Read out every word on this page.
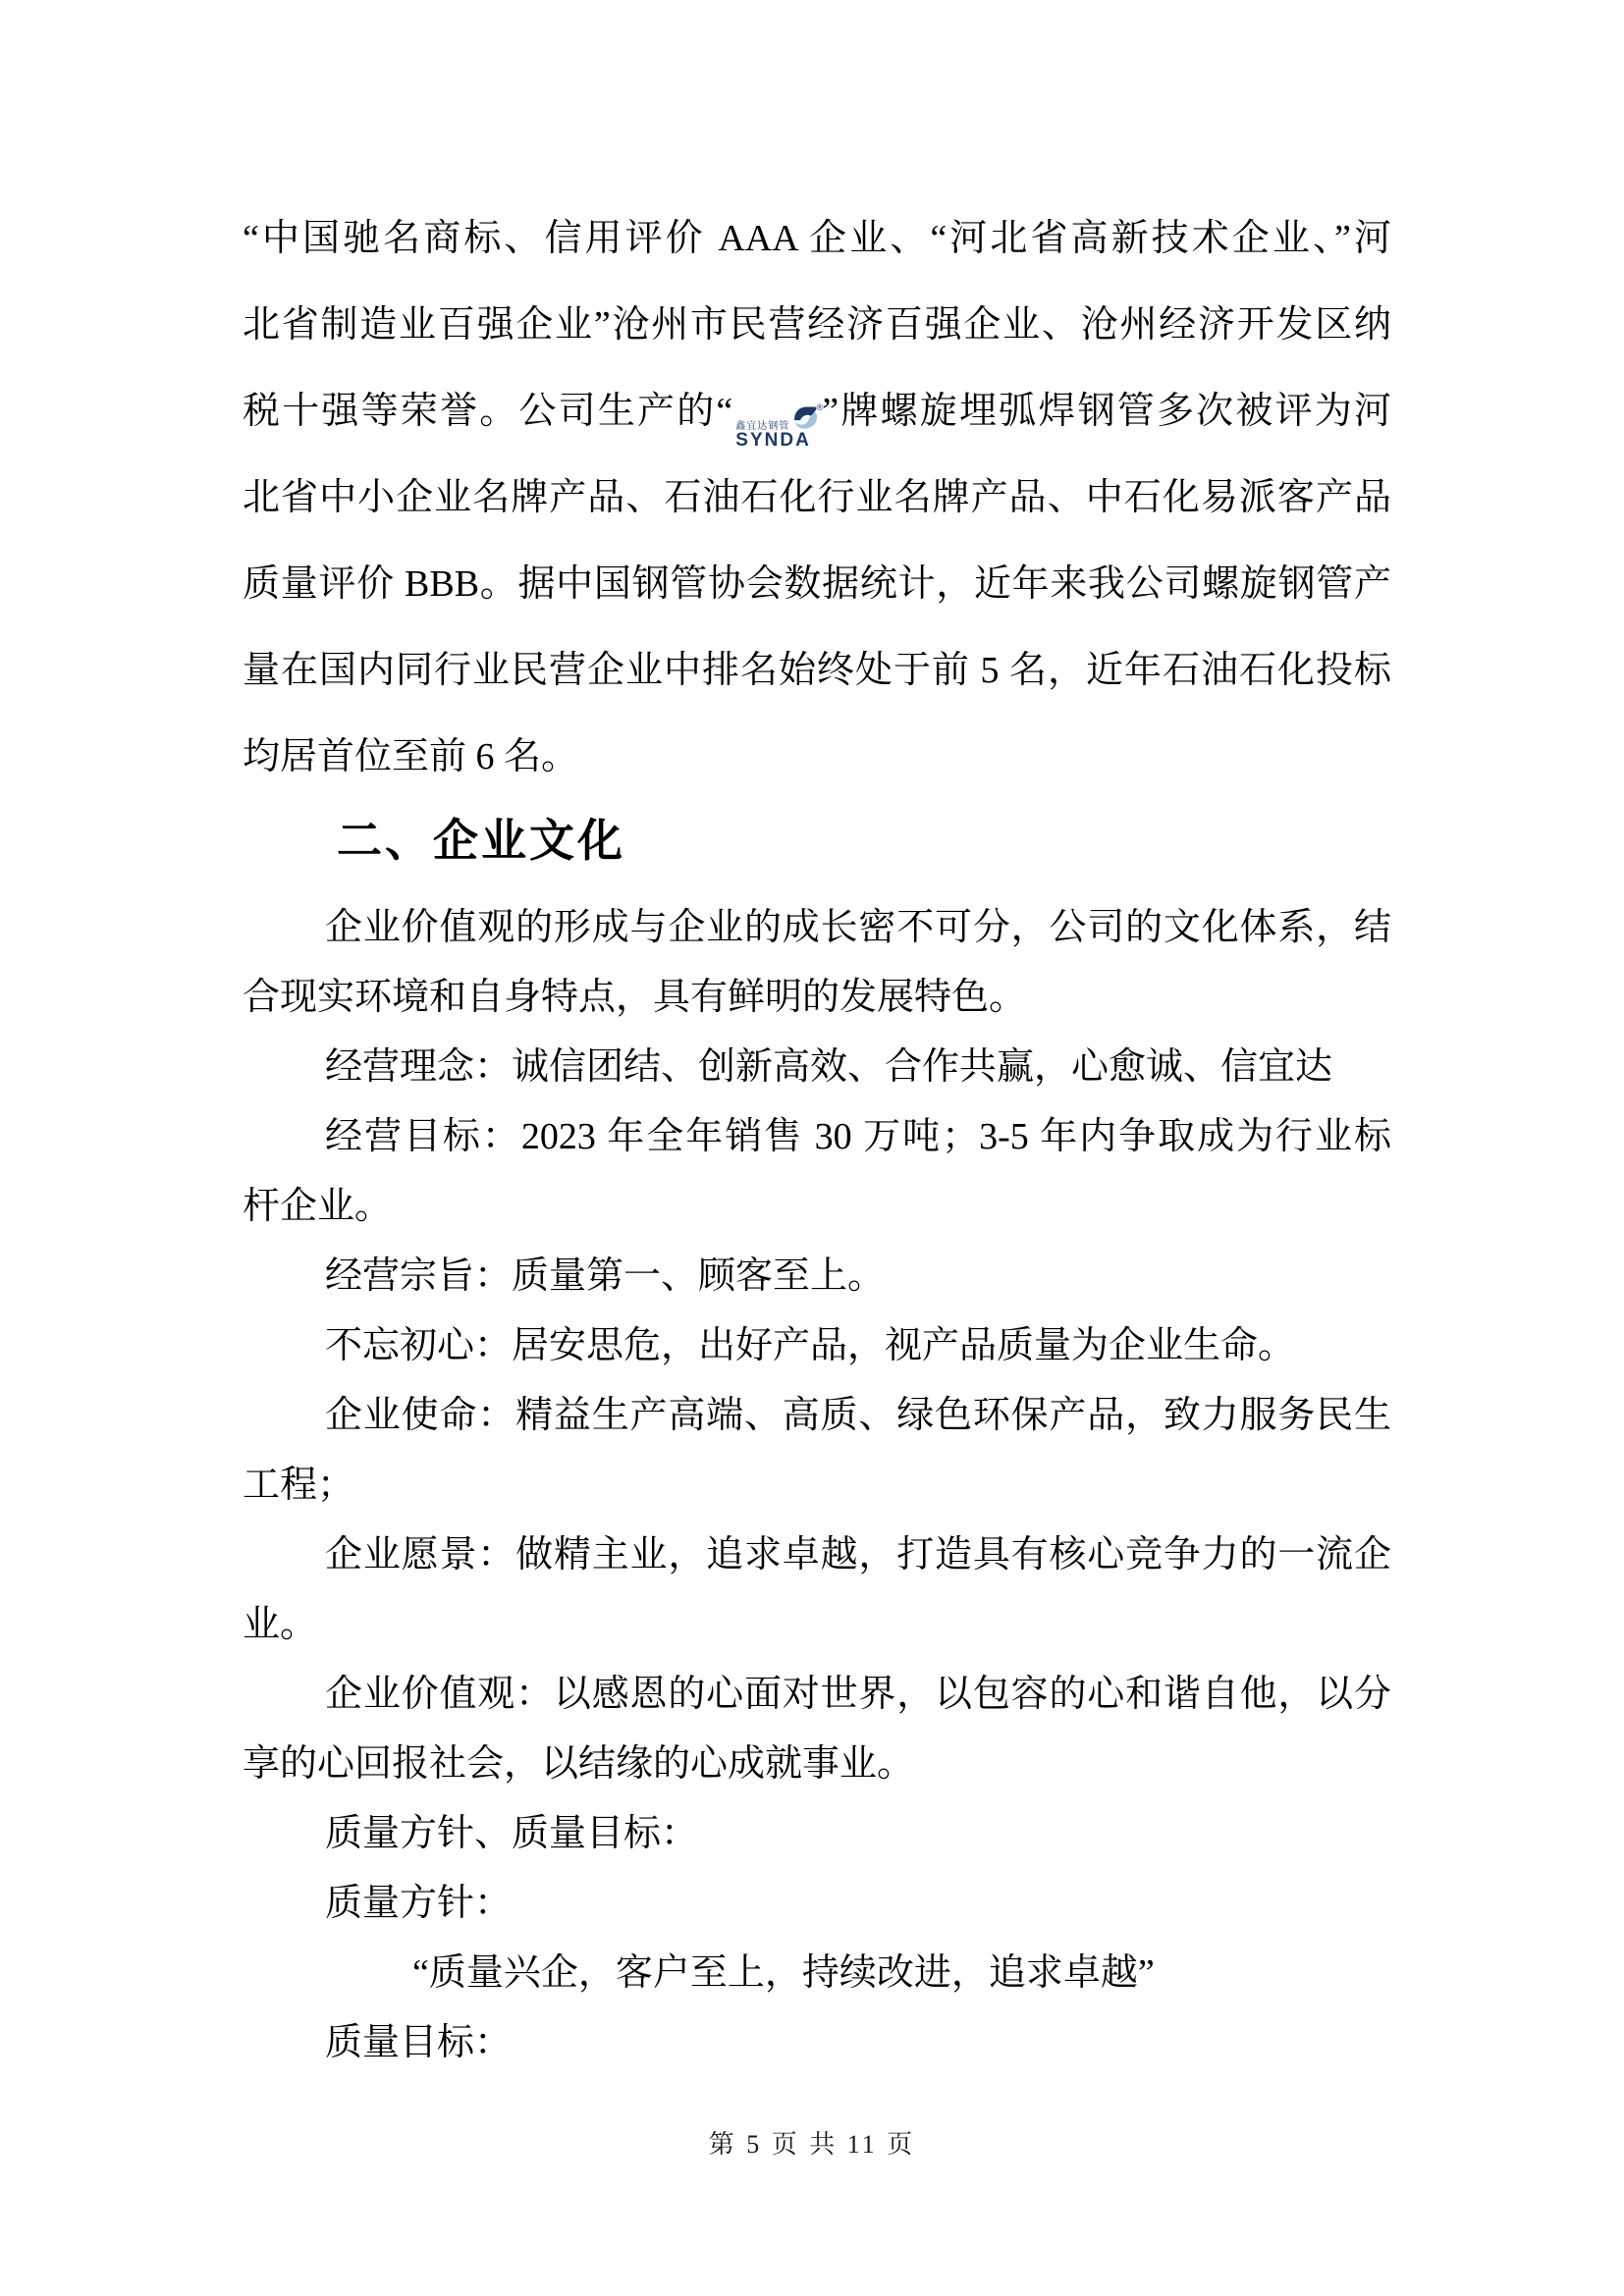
“中国驰名商标、信用评价 AAA 企业、“河北省高新技术企业、”河
北省制造业百强企业”沧州市民营经济百强企业、沧州经济开发区纳
税十强等荣誉。公司生产的“ 鑫宜达钢管
SYNDA
® ”牌螺旋埋弧焊钢管多次被评为河
北省中小企业名牌产品、石油石化行业名牌产品、中石化易派客产品
质量评价 BBB。据中国钢管协会数据统计，近年来我公司螺旋钢管产
量在国内同行业民营企业中排名始终处于前 5 名，近年石油石化投标
均居首位至前 6 名。
二、企业文化
企业价值观的形成与企业的成长密不可分，公司的文化体系，结
合现实环境和自身特点，具有鲜明的发展特色。
经营理念：诚信团结、创新高效、合作共赢，心愈诚、信宜达
经营目标：2023 年全年销售 30 万吨；3-5 年内争取成为行业标
杆企业。
经营宗旨：质量第一、顾客至上。
不忘初心：居安思危，出好产品，视产品质量为企业生命。
企业使命：精益生产高端、高质、绿色环保产品，致力服务民生
工程；
企业愿景：做精主业，追求卓越，打造具有核心竞争力的一流企
业。
企业价值观：以感恩的心面对世界，以包容的心和谐自他，以分
享的心回报社会，以结缘的心成就事业。
质量方针、质量目标：
质量方针：
“质量兴企，客户至上，持续改进，追求卓越”
质量目标：
第 5 页 共 11 页
